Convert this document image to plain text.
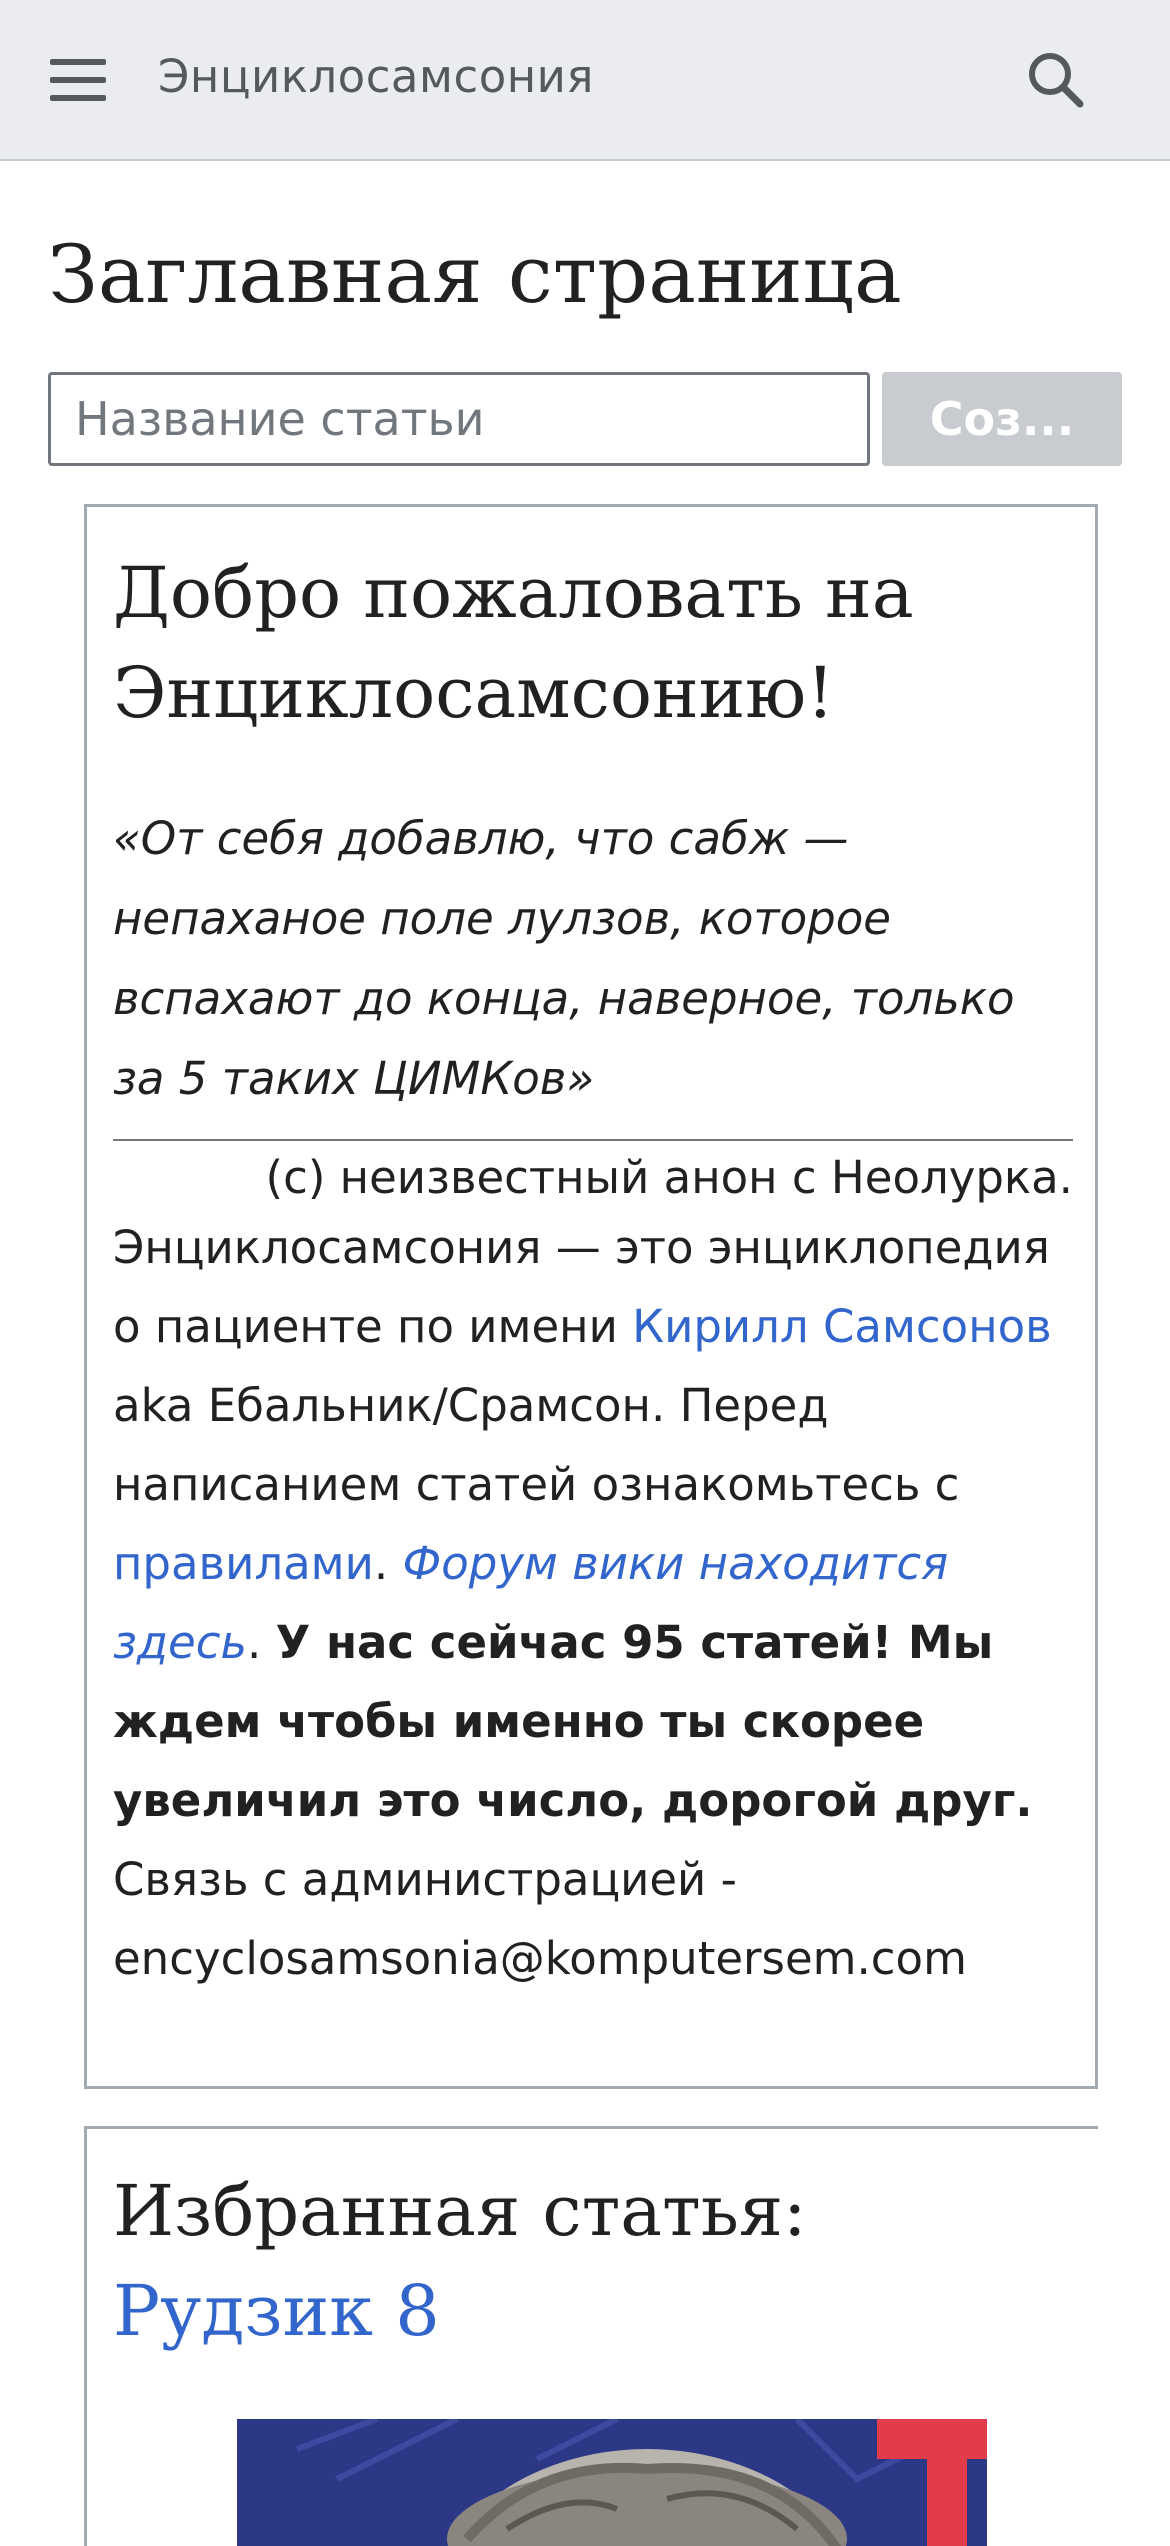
Энциклосамсония
Заглавная страница
Название статьи
Соз...
Добро пожаловать на Энциклосамсонию!

«От себя добавлю, что сабж — непаханое поле лулзов, которое вспахают до конца, наверное, только за 5 таких ЦИМКов»

(c) неизвестный анон с Неолурка.
Энциклосамсония — это энциклопедия о пациенте по имени Кирилл Самсонов aka Ебальник/Срамсон. Перед написанием статей ознакомьтесь с правилами. Форум вики находится здесь. У нас сейчас 95 статей! Мы ждем чтобы именно ты скорее увеличил это число, дорогой друг. Связь с администрацией - encyclosamsonia@komputersem.com

Избранная статья:
Рудзик 8
